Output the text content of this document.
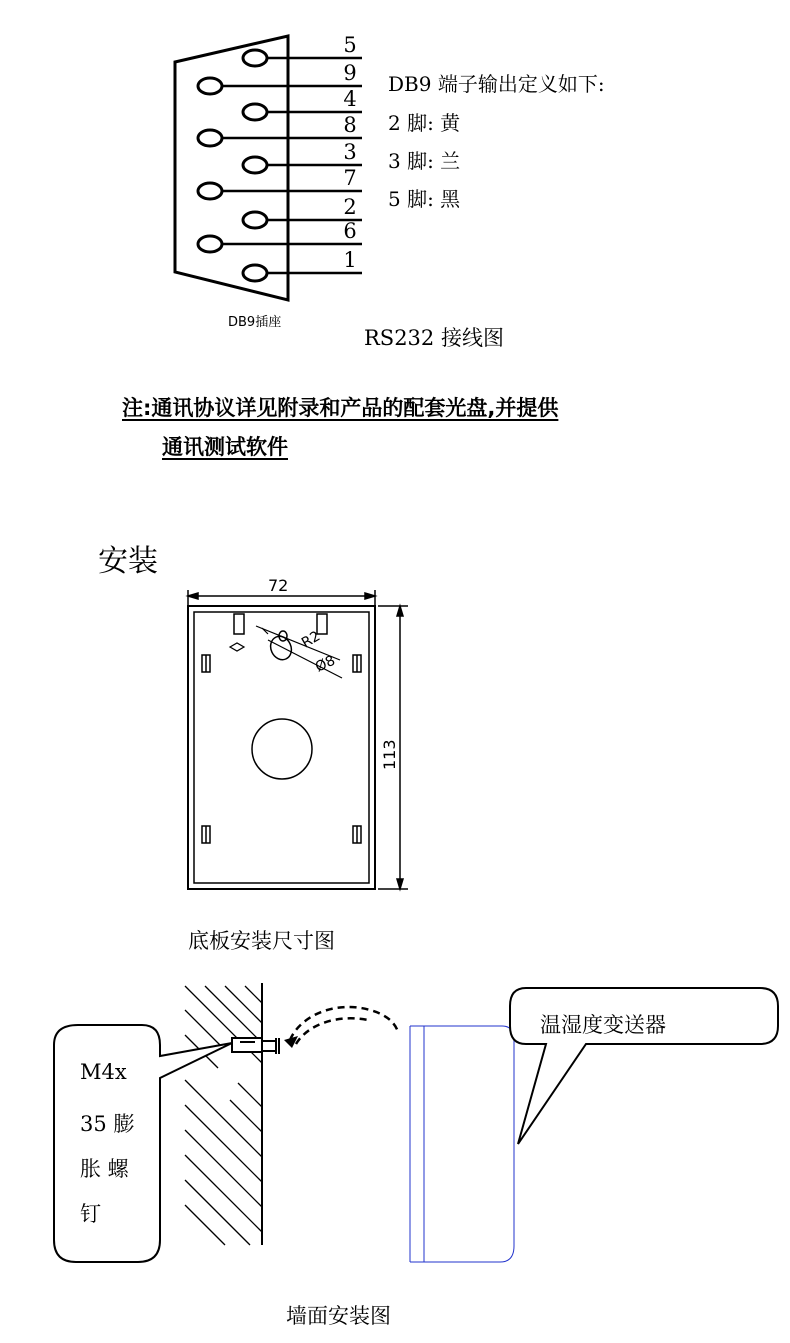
5
9
4
8
3
7
2
6
1
DB9插座
DB9 端子输出定义如下:
2 脚: 黄
3 脚: 兰
5 脚: 黑
RS232 接线图
注:通讯协议详见附录和产品的配套光盘,并提供
通讯测试软件
安装
72
113
R2
Ø8
底板安装尺寸图
M4x
35 膨
胀 螺
钉
温湿度变送器
墙面安装图
